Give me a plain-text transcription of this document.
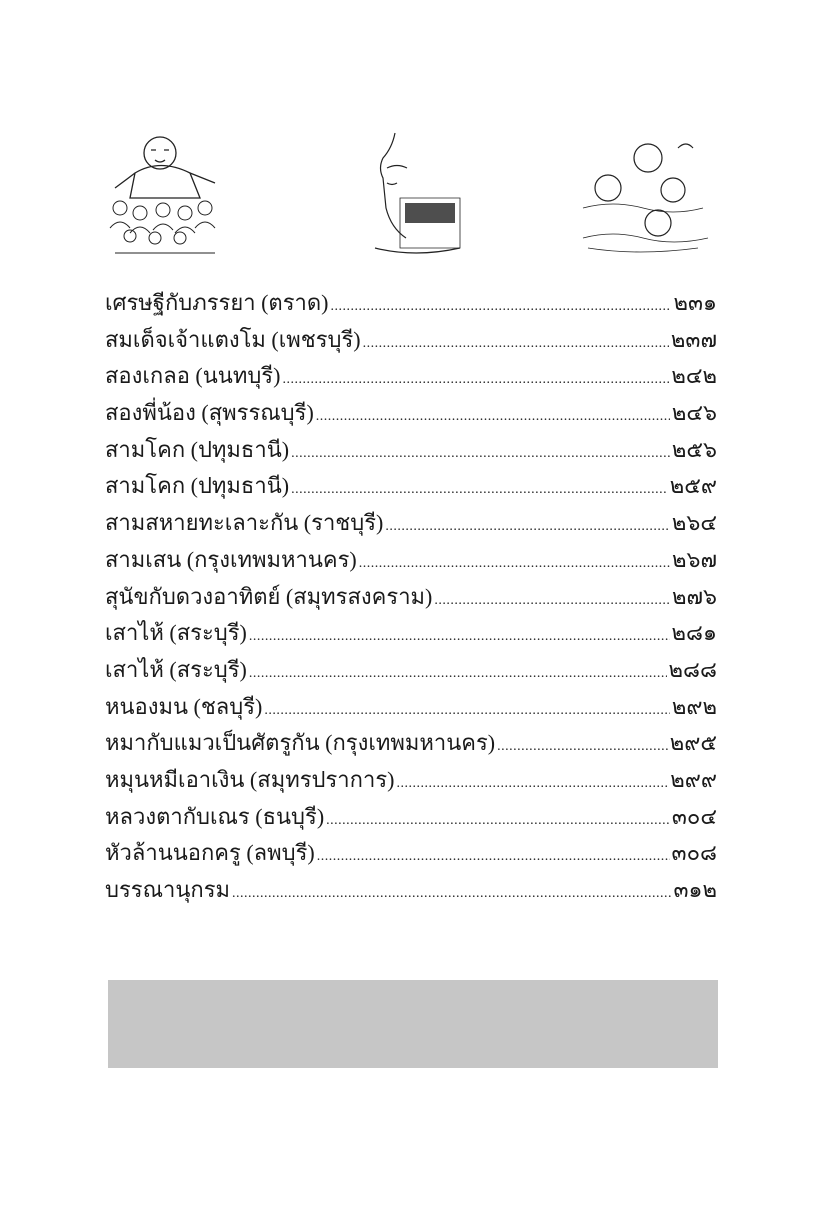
เศรษฐีกับภรรยา (ตราด) .....	๒๓๑
สมเด็จเจ้าแตงโม (เพชรบุรี) .....	๒๓๗
สองเกลอ (นนทบุรี) .....	๒๔๒
สองพี่น้อง (สุพรรณบุรี) .....	๒๔๖
สามโคก (ปทุมธานี) .....	๒๕๖
สามโคก (ปทุมธานี) .....	๒๕๙
สามสหายทะเลาะกัน (ราชบุรี) .....	๒๖๔
สามเสน (กรุงเทพมหานคร) .....	๒๖๗
สุนัขกับดวงอาทิตย์ (สมุทรสงคราม) .....	๒๗๖
เสาไห้ (สระบุรี) .....	๒๘๑
เสาไห้ (สระบุรี) .....	๒๘๘
หนองมน (ชลบุรี) .....	๒๙๒
หมากับแมวเป็นศัตรูกัน (กรุงเทพมหานคร) .....	๒๙๕
หมุนหมีเอาเงิน (สมุทรปราการ) .....	๒๙๙
หลวงตากับเณร (ธนบุรี) .....	๓๐๔
หัวล้านนอกครู (ลพบุรี) .....	๓๐๘
บรรณานุกรม .....	๓๑๒
